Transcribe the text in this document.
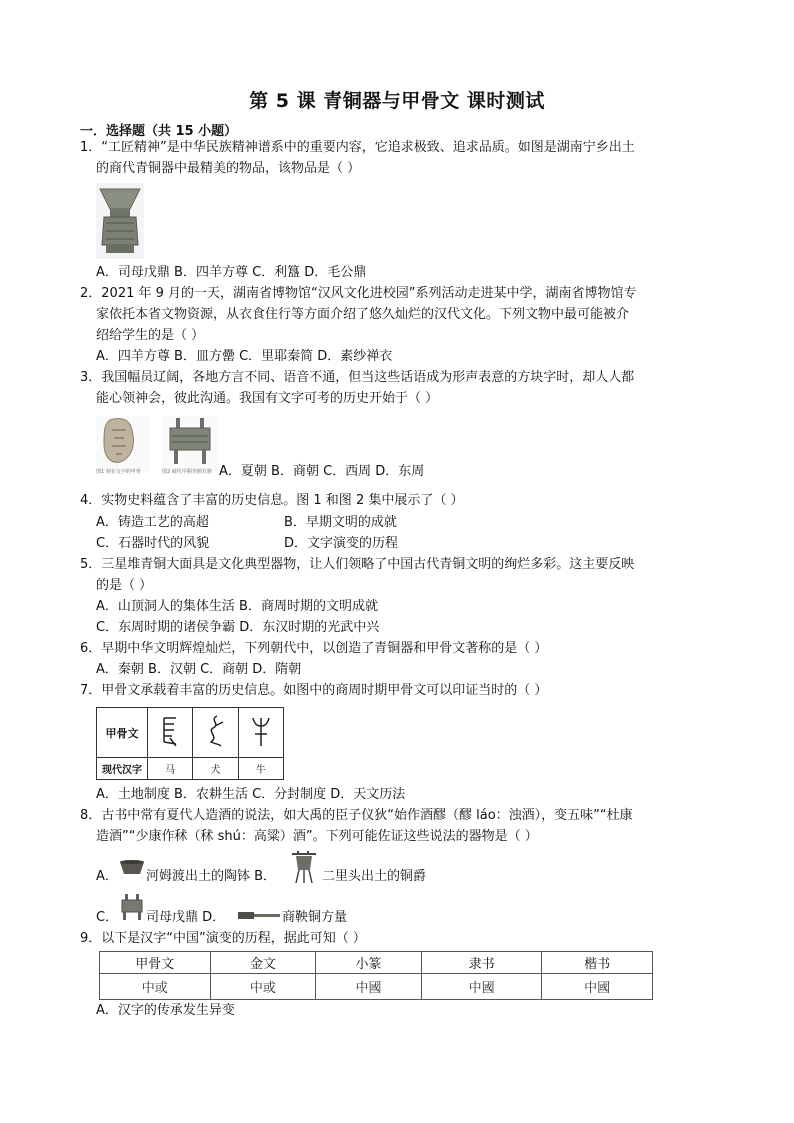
第 5 课 青铜器与甲骨文 课时测试
一．选择题（共 15 小题）
1．“工匠精神”是中华民族精神谱系中的重要内容，它追求极致、追求品质。如图是湖南宁乡出土
的商代青铜器中最精美的物品，该物品是（ ）
A．司母戊鼎 B．四羊方尊 C．利簋 D．毛公鼎
2．2021 年 9 月的一天，湖南省博物馆“汉风文化进校园”系列活动走进某中学，湖南省博物馆专
家依托本省文物资源，从衣食住行等方面介绍了悠久灿烂的汉代文化。下列文物中最可能被介
绍给学生的是（ ）
A．四羊方尊 B．皿方罍 C．里耶秦简 D．素纱禅衣
3．我国幅员辽阔，各地方言不同、语音不通，但当这些话语成为形声表意的方块字时，却人人都
能心领神会，彼此沟通。我国有文字可考的历史开始于（ ）
图1 刻有文字的甲骨	图2 商代早期青铜方鼎 A．夏朝 B．商朝 C．西周 D．东周
4．实物史料蕴含了丰富的历史信息。图 1 和图 2 集中展示了（ ）
A．铸造工艺的高超	B．早期文明的成就
C．石器时代的风貌	D．文字演变的历程
5．三星堆青铜大面具是文化典型器物，让人们领略了中国古代青铜文明的绚烂多彩。这主要反映
的是（ ）
A．山顶洞人的集体生活 B．商周时期的文明成就
C．东周时期的诸侯争霸 D．东汉时期的光武中兴
6．早期中华文明辉煌灿烂，下列朝代中，以创造了青铜器和甲骨文著称的是（ ）
A．秦朝 B．汉朝 C．商朝 D．隋朝
7．甲骨文承载着丰富的历史信息。如图中的商周时期甲骨文可以印证当时的（ ）
甲骨文			
现代汉字	马	犬	牛
A．土地制度 B．农耕生活 C．分封制度 D．天文历法
8．古书中常有夏代人造酒的说法，如大禹的臣子仪狄“始作酒醪（醪 láo：浊酒），变五味”“杜康
造酒”“少康作秫（秫 shú：高粱）酒”。下列可能佐证这些说法的器物是（ ）
A． 河姆渡出土的陶钵 B．	二里头出土的铜爵
C． 司母戊鼎 D．	商鞅铜方量
9．以下是汉字“中国”演变的历程，据此可知（ ）
甲骨文	金文	小篆	隶书	楷书
中或	中或	中國	中國	中國
A．汉字的传承发生异变
